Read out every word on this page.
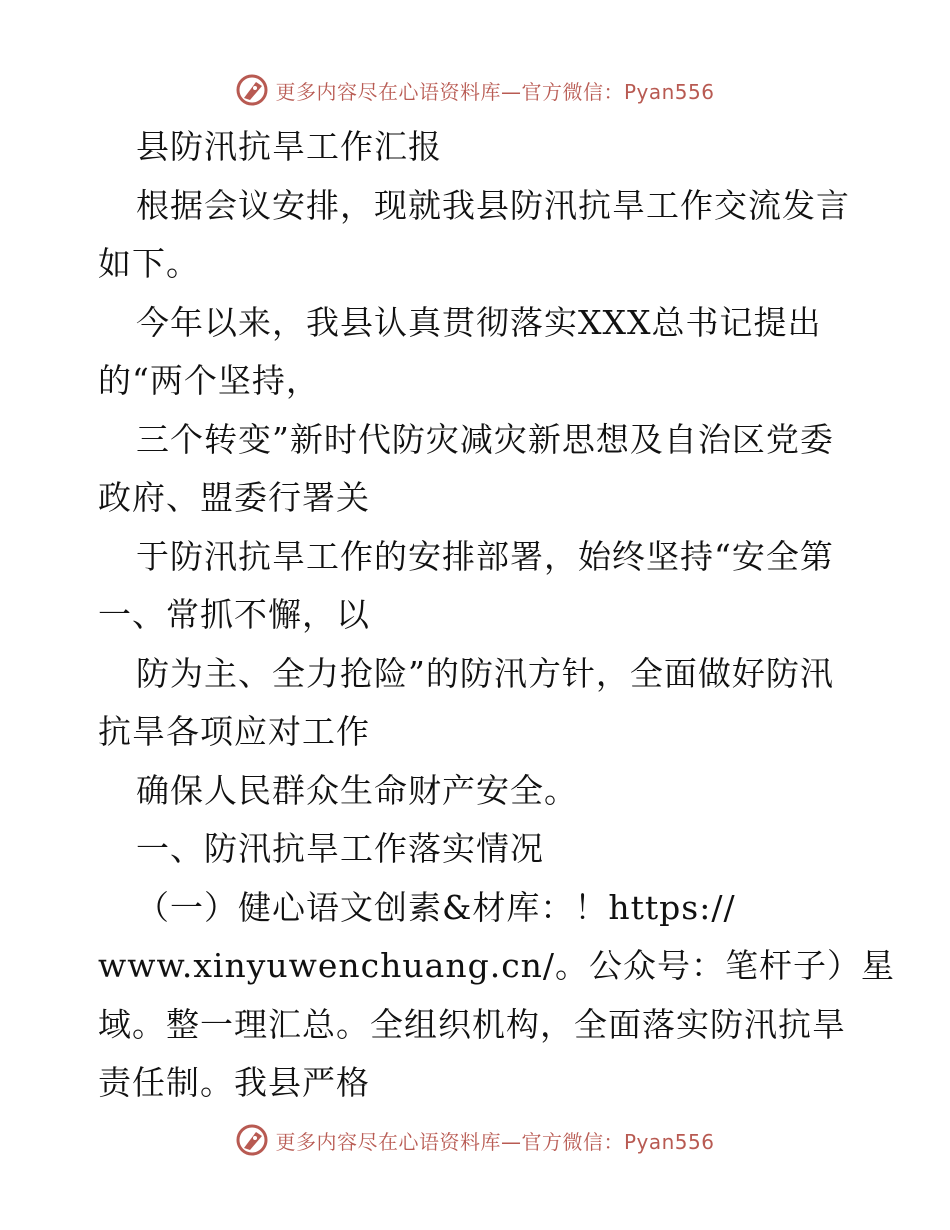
更多内容尽在心语资料库—官方微信：Pyan556
县防汛抗旱工作汇报
根据会议安排，现就我县防汛抗旱工作交流发言
如下。
今年以来，我县认真贯彻落实XXX总书记提出
的“两个坚持，
三个转变”新时代防灾减灾新思想及自治区党委
政府、盟委行署关
于防汛抗旱工作的安排部署，始终坚持“安全第
一、常抓不懈，以
防为主、全力抢险”的防汛方针，全面做好防汛
抗旱各项应对工作
确保人民群众生命财产安全。
一、防汛抗旱工作落实情况
（一）健心语文创素&材库：！https://
www.xinyuwenchuang.cn/。公众号：笔杆子）星
域。整一理汇总。全组织机构，全面落实防汛抗旱
责任制。我县严格
更多内容尽在心语资料库—官方微信：Pyan556
